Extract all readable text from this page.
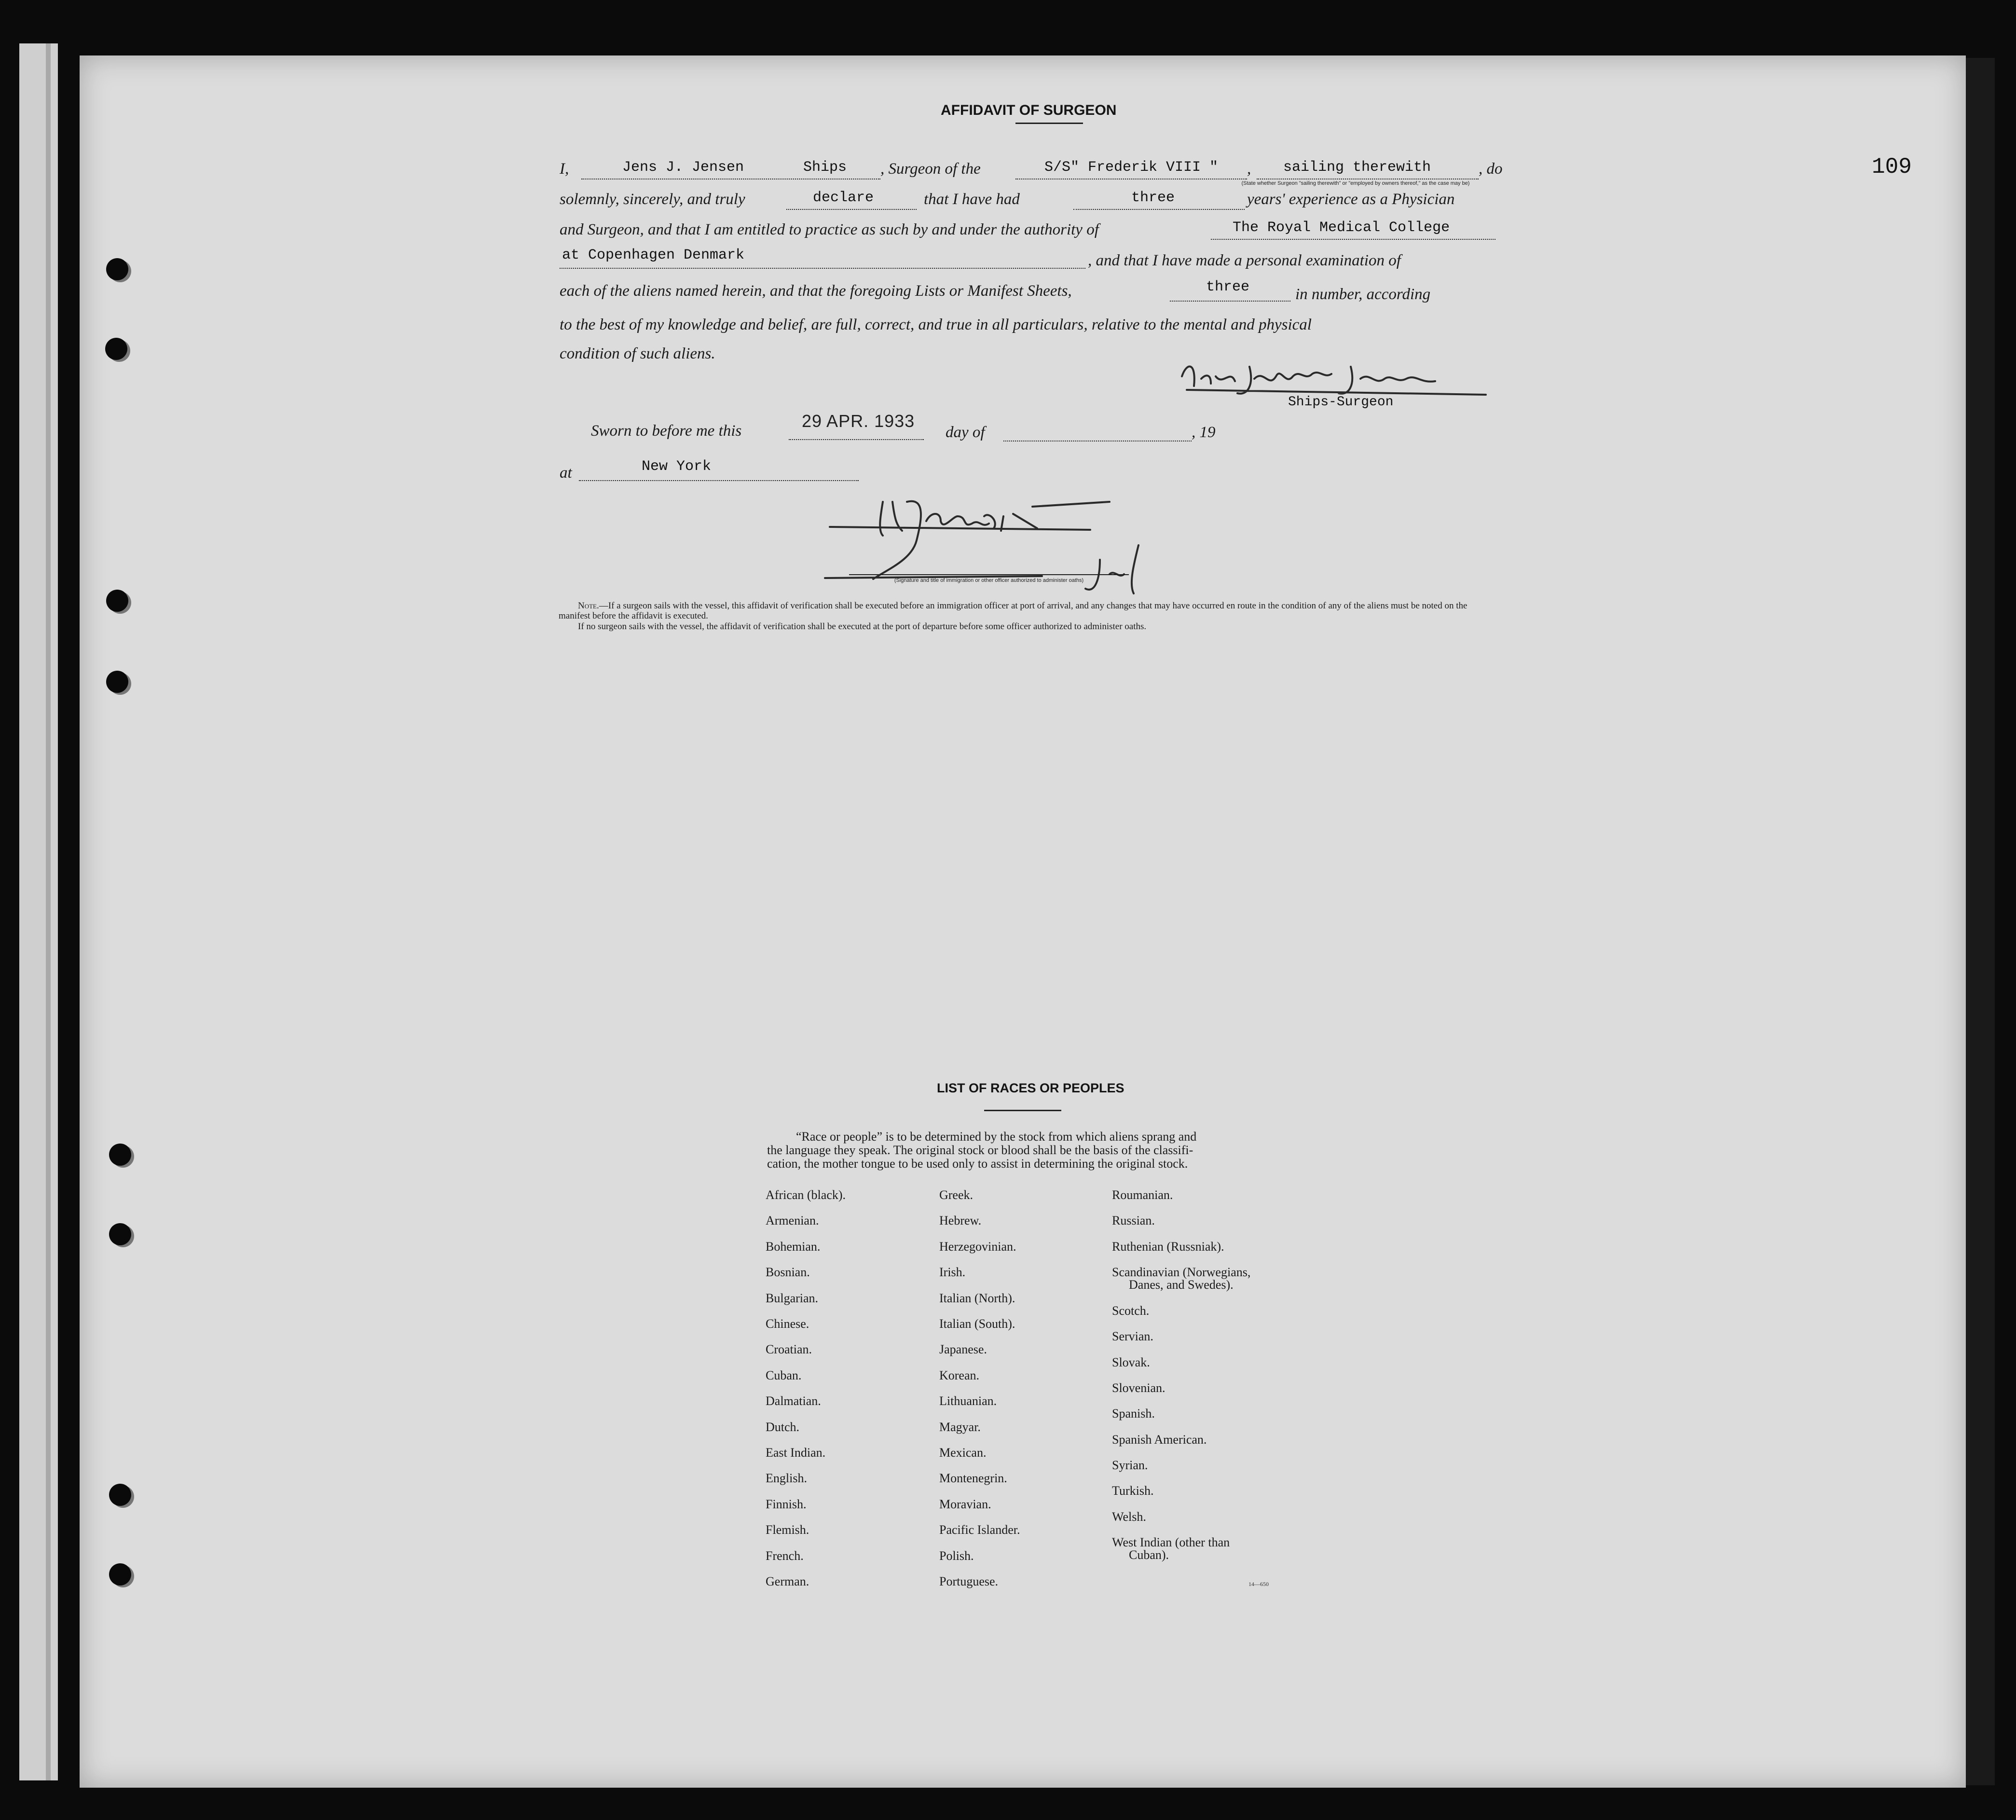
109
AFFIDAVIT OF SURGEON
I,	Jens J. Jensen	Ships , Surgeon of the	S/S" Frederik VIII " , sailing therewith	, do
(State whether Surgeon "sailing therewith" or "employed by owners thereof," as the case may be)
solemnly, sincerely, and truly	declare	that I have had	three	years' experience as a Physician
and Surgeon, and that I am entitled to practice as such by and under the authority of	The Royal Medical College
at Copenhagen Denmark	, and that I have made a personal examination of
each of the aliens named herein, and that the foregoing Lists or Manifest Sheets,	three	in number, according
to the best of my knowledge and belief, are full, correct, and true in all particulars, relative to the mental and physical
condition of such aliens.
Ships-Surgeon
Sworn to before me this	29 APR. 1933
day of	, 19
at	New York
(Signature and title of immigration or other officer authorized to administer oaths)
Note.—If a surgeon sails with the vessel, this affidavit of verification shall be executed before an immigration officer at port of arrival, and any changes that may have occurred en route in the condition of any of the aliens must be noted on the manifest before the affidavit is executed.
If no surgeon sails with the vessel, the affidavit of verification shall be executed at the port of departure before some officer authorized to administer oaths.
LIST OF RACES OR PEOPLES
“Race or people” is to be determined by the stock from which aliens sprang and
the language they speak. The original stock or blood shall be the basis of the classifi-
cation, the mother tongue to be used only to assist in determining the original stock.
African (black).
Armenian.
Bohemian.
Bosnian.
Bulgarian.
Chinese.
Croatian.
Cuban.
Dalmatian.
Dutch.
East Indian.
English.
Finnish.
Flemish.
French.
German.
Greek.
Hebrew.
Herzegovinian.
Irish.
Italian (North).
Italian (South).
Japanese.
Korean.
Lithuanian.
Magyar.
Mexican.
Montenegrin.
Moravian.
Pacific Islander.
Polish.
Portuguese.
Roumanian.
Russian.
Ruthenian (Russniak).
Scandinavian (Norwegians,
Danes, and Swedes).
Scotch.
Servian.
Slovak.
Slovenian.
Spanish.
Spanish American.
Syrian.
Turkish.
Welsh.
West Indian (other than
Cuban).
14—650
